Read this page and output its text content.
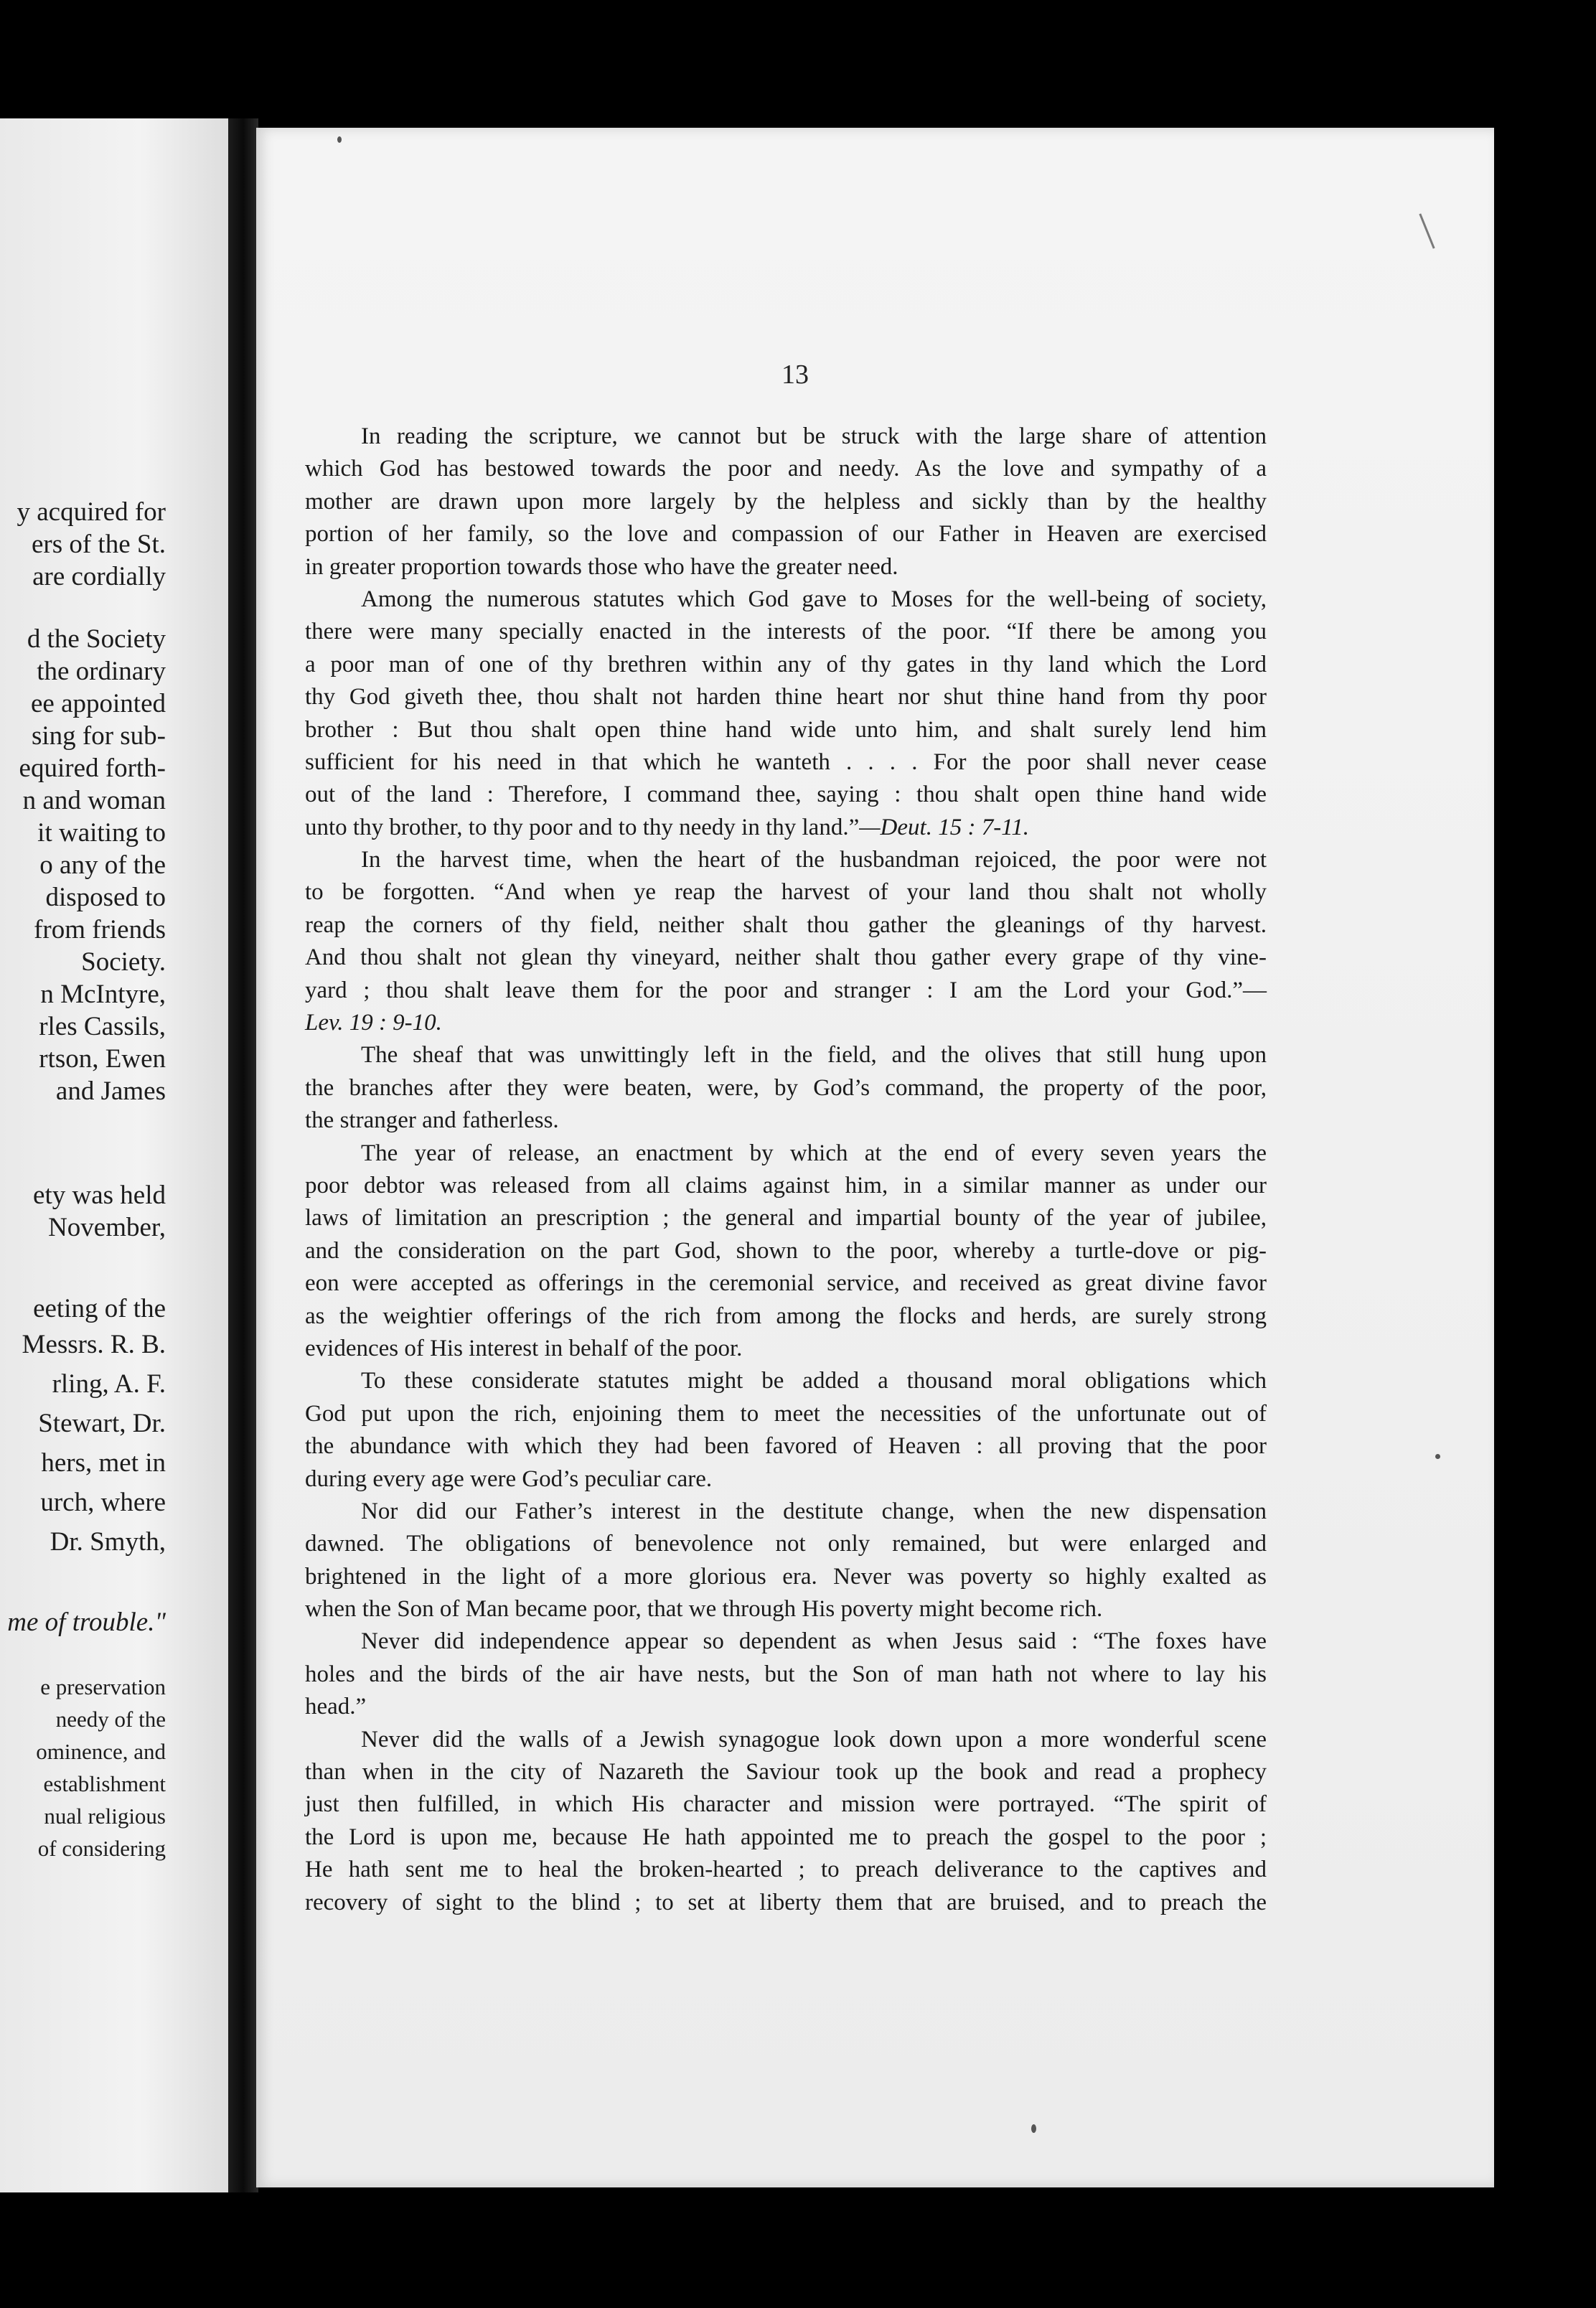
y acquired for
ers of the St.
are cordially
d the Society
the ordinary
ee appointed
sing for sub-
equired forth-
n and woman
it waiting to
o any of the
disposed to
from friends
Society.
n McIntyre,
rles Cassils,
rtson, Ewen
and James
ety was held
November,
eeting of the
Messrs. R. B.
rling, A. F.
Stewart, Dr.
hers, met in
urch, where
Dr. Smyth,
me of trouble."
e preservation
needy of the
ominence, and
establishment
nual religious
of considering
13
In reading the scripture, we cannot but be struck with the large share of attention
which God has bestowed towards the poor and needy. As the love and sympathy of a
mother are drawn upon more largely by the helpless and sickly than by the healthy
portion of her family, so the love and compassion of our Father in Heaven are exercised
in greater proportion towards those who have the greater need.
Among the numerous statutes which God gave to Moses for the well-being of society,
there were many specially enacted in the interests of the poor. “If there be among you
a poor man of one of thy brethren within any of thy gates in thy land which the Lord
thy God giveth thee, thou shalt not harden thine heart nor shut thine hand from thy poor
brother : But thou shalt open thine hand wide unto him, and shalt surely lend him
sufficient for his need in that which he wanteth . . . . For the poor shall never cease
out of the land : Therefore, I command thee, saying : thou shalt open thine hand wide
unto thy brother, to thy poor and to thy needy in thy land.”—Deut. 15 : 7-11.
In the harvest time, when the heart of the husbandman rejoiced, the poor were not
to be forgotten. “And when ye reap the harvest of your land thou shalt not wholly
reap the corners of thy field, neither shalt thou gather the gleanings of thy harvest.
And thou shalt not glean thy vineyard, neither shalt thou gather every grape of thy vine-
yard ; thou shalt leave them for the poor and stranger : I am the Lord your God.”—
Lev. 19 : 9-10.
The sheaf that was unwittingly left in the field, and the olives that still hung upon
the branches after they were beaten, were, by God’s command, the property of the poor,
the stranger and fatherless.
The year of release, an enactment by which at the end of every seven years the
poor debtor was released from all claims against him, in a similar manner as under our
laws of limitation an prescription ; the general and impartial bounty of the year of jubilee,
and the consideration on the part God, shown to the poor, whereby a turtle-dove or pig-
eon were accepted as offerings in the ceremonial service, and received as great divine favor
as the weightier offerings of the rich from among the flocks and herds, are surely strong
evidences of His interest in behalf of the poor.
To these considerate statutes might be added a thousand moral obligations which
God put upon the rich, enjoining them to meet the necessities of the unfortunate out of
the abundance with which they had been favored of Heaven : all proving that the poor
during every age were God’s peculiar care.
Nor did our Father’s interest in the destitute change, when the new dispensation
dawned. The obligations of benevolence not only remained, but were enlarged and
brightened in the light of a more glorious era. Never was poverty so highly exalted as
when the Son of Man became poor, that we through His poverty might become rich.
Never did independence appear so dependent as when Jesus said : “The foxes have
holes and the birds of the air have nests, but the Son of man hath not where to lay his
head.”
Never did the walls of a Jewish synagogue look down upon a more wonderful scene
than when in the city of Nazareth the Saviour took up the book and read a prophecy
just then fulfilled, in which His character and mission were portrayed. “The spirit of
the Lord is upon me, because He hath appointed me to preach the gospel to the poor ;
He hath sent me to heal the broken-hearted ; to preach deliverance to the captives and
recovery of sight to the blind ; to set at liberty them that are bruised, and to preach the
